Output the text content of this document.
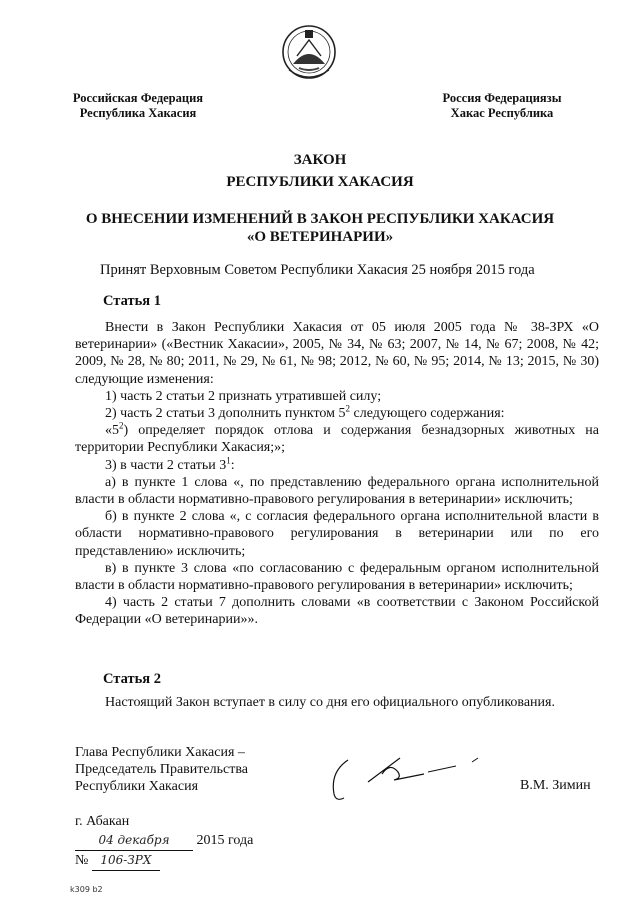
Российская Федерация
Республика Хакасия
Россия Федерациязы
Хакас Республика
ЗАКОН
РЕСПУБЛИКИ ХАКАСИЯ
О ВНЕСЕНИИ ИЗМЕНЕНИЙ В ЗАКОН РЕСПУБЛИКИ ХАКАСИЯ
«О ВЕТЕРИНАРИИ»
Принят Верховным Советом Республики Хакасия 25 ноября 2015 года
Статья 1

Внести в Закон Республики Хакасия от 05 июля 2005 года № 38-ЗРХ «О ветеринарии» («Вестник Хакасии», 2005, № 34, № 63; 2007, № 14, № 67; 2008, № 42; 2009, № 28, № 80; 2011, № 29, № 61, № 98; 2012, № 60, № 95; 2014, № 13; 2015, № 30) следующие изменения:

1) часть 2 статьи 2 признать утратившей силу;

2) часть 2 статьи 3 дополнить пунктом $5^2$ следующего содержания:

«$5^2$) определяет порядок отлова и содержания безнадзорных животных на территории Республики Хакасия;»;

3) в части 2 статьи $3^1$:

а) в пункте 1 слова «, по представлению федерального органа исполнительной власти в области нормативно-правового регулирования в ветеринарии» исключить;

б) в пункте 2 слова «, с согласия федерального органа исполнительной власти в области нормативно-правового регулирования в ветеринарии или по его представлению» исключить;

в) в пункте 3 слова «по согласованию с федеральным органом исполнительной власти в области нормативно-правового регулирования в ветеринарии» исключить;

4) часть 2 статьи 7 дополнить словами «в соответствии с Законом Российской Федерации «О ветеринарии»».

Статья 2

Настоящий Закон вступает в силу со дня его официального опубликования.

Глава Республики Хакасия –
Председатель Правительства
Республики Хакасия	В.М. Зимин
г. Абакан
04 декабря 2015 года
№ 106-ЗРХ
k309 b2
